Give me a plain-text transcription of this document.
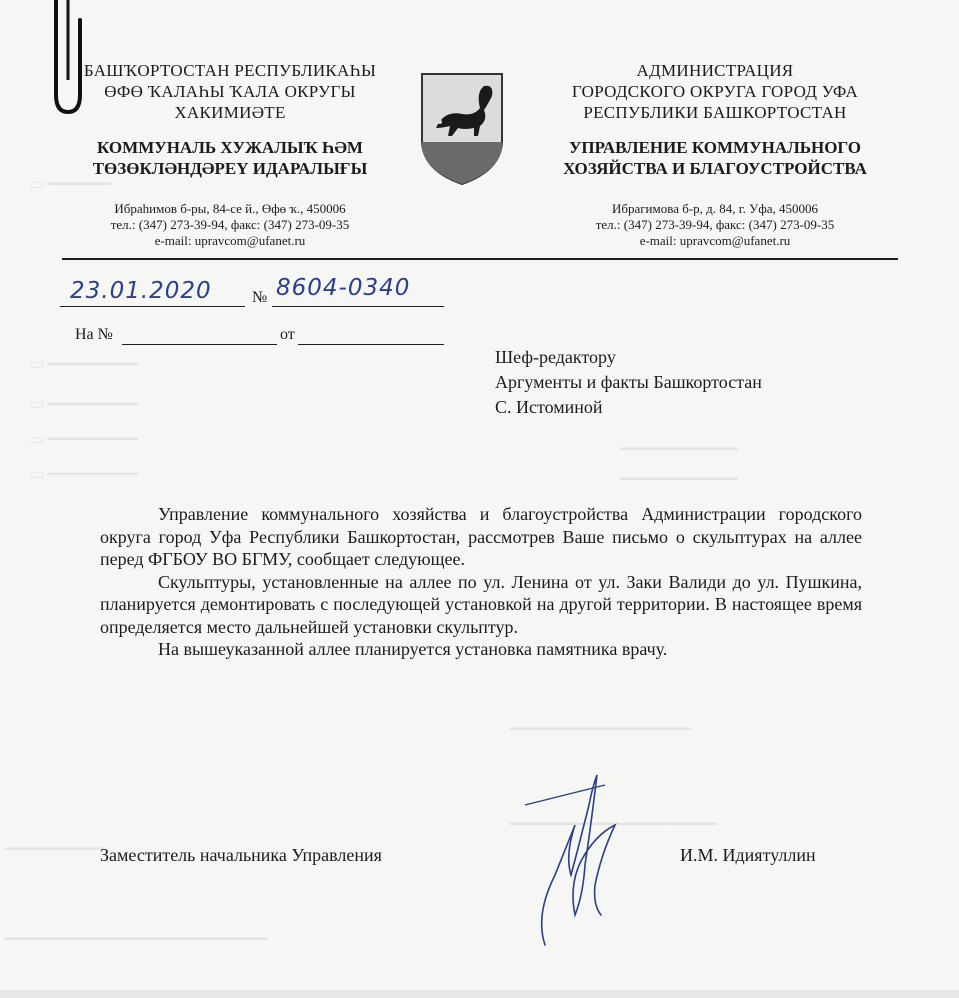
▭ ━━━━━━━
▭ ━━━━━━━━━━
▭ ━━━━━━━━━━
▭ ━━━━━━━━━━
▭ ━━━━━━━━━━
━━━━━━━━━━━━━
━━━━━━━━━━━━━
━━━━━━━━━━━━━━━━━━━━
━━━━━━━━━━━━━━━━━━━━━━━
━━━━━━━━━━━
━━━━━━━━━━━━━━━━━━━━━━━━━━━━━
БАШҠОРТОСТАН РЕСПУБЛИКАҺЫ
ӨФӨ ҠАЛАҺЫ ҠАЛА ОКРУГЫ
ХАКИМИӘТЕ
КОММУНАЛЬ ХУЖАЛЫҠ ҺӘМ
ТӨЗӨКЛӘНДӘРЕҮ ИДАРАЛЫҒЫ
Ибраһимов б-ры, 84-се й., Өфө ҡ., 450006
тел.: (347) 273-39-94, факс: (347) 273-09-35
e-mail: upravcom@ufanet.ru
АДМИНИСТРАЦИЯ
ГОРОДСКОГО ОКРУГА ГОРОД УФА
РЕСПУБЛИКИ БАШКОРТОСТАН
УПРАВЛЕНИЕ КОММУНАЛЬНОГО
ХОЗЯЙСТВА И БЛАГОУСТРОЙСТВА
Ибрагимова б-р, д. 84, г. Уфа, 450006
тел.: (347) 273-39-94, факс: (347) 273-09-35
e-mail: upravcom@ufanet.ru
23.01.2020	№ 8604-0340
На №	от
Шеф-редактору
Аргументы и факты Башкортостан
С. Истоминой

Управление коммунального хозяйства и благоустройства Администрации городского округа город Уфа Республики Башкортостан, рассмотрев Ваше письмо о скульптурах на аллее перед ФГБОУ ВО БГМУ, сообщает следующее.

Скульптуры, установленные на аллее по ул. Ленина от ул. Заки Валиди до ул. Пушкина, планируется демонтировать с последующей установкой на другой территории. В настоящее время определяется место дальнейшей установки скульптур.

На вышеуказанной аллее планируется установка памятника врачу.

Заместитель начальника Управления	И.М. Идиятуллин
